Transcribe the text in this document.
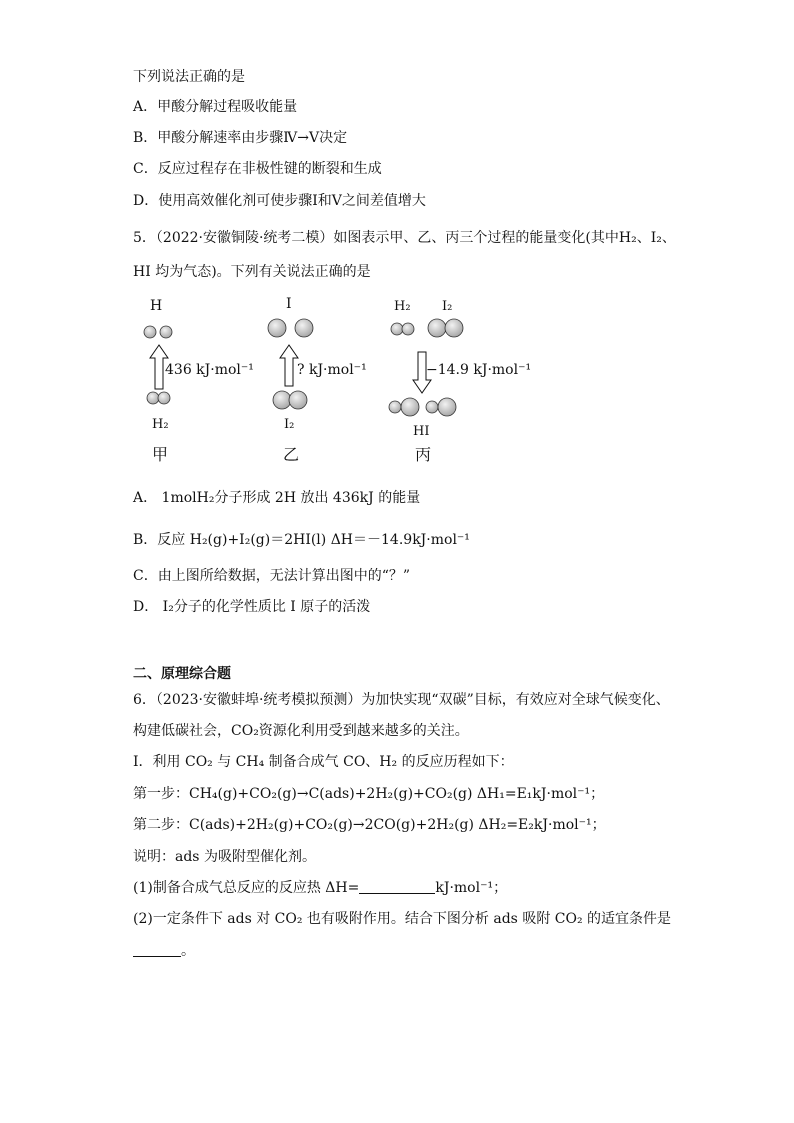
下列说法正确的是
A．甲酸分解过程吸收能量
B．甲酸分解速率由步骤Ⅳ→Ⅴ决定
C．反应过程存在非极性键的断裂和生成
D．使用高效催化剂可使步骤Ⅰ和Ⅴ之间差值增大
5．（2022·安徽铜陵·统考二模）如图表示甲、乙、丙三个过程的能量变化(其中H₂、I₂、
HI 均为气态)。下列有关说法正确的是
H
436 kJ·mol⁻¹
H₂
甲
I
? kJ·mol⁻¹
I₂
乙
H₂ I₂
−14.9 kJ·mol⁻¹
HI
丙
A． 1molH₂分子形成 2H 放出 436kJ 的能量
B．反应 H₂(g)+I₂(g)＝2HI(l) ΔH＝－14.9kJ·mol⁻¹
C．由上图所给数据，无法计算出图中的“？”
D． I₂分子的化学性质比 I 原子的活泼
二、原理综合题
6．（2023·安徽蚌埠·统考模拟预测）为加快实现“双碳”目标，有效应对全球气候变化、
构建低碳社会，CO₂资源化利用受到越来越多的关注。
I．利用 CO₂ 与 CH₄ 制备合成气 CO、H₂ 的反应历程如下：
第一步：CH₄(g)+CO₂(g)→C(ads)+2H₂(g)+CO₂(g) ΔH₁=E₁kJ·mol⁻¹；
第二步：C(ads)+2H₂(g)+CO₂(g)→2CO(g)+2H₂(g) ΔH₂=E₂kJ·mol⁻¹；
说明：ads 为吸附型催化剂。
(1)制备合成气总反应的反应热 ΔH=	kJ·mol⁻¹；
(2)一定条件下 ads 对 CO₂ 也有吸附作用。结合下图分析 ads 吸附 CO₂ 的适宜条件是
。
